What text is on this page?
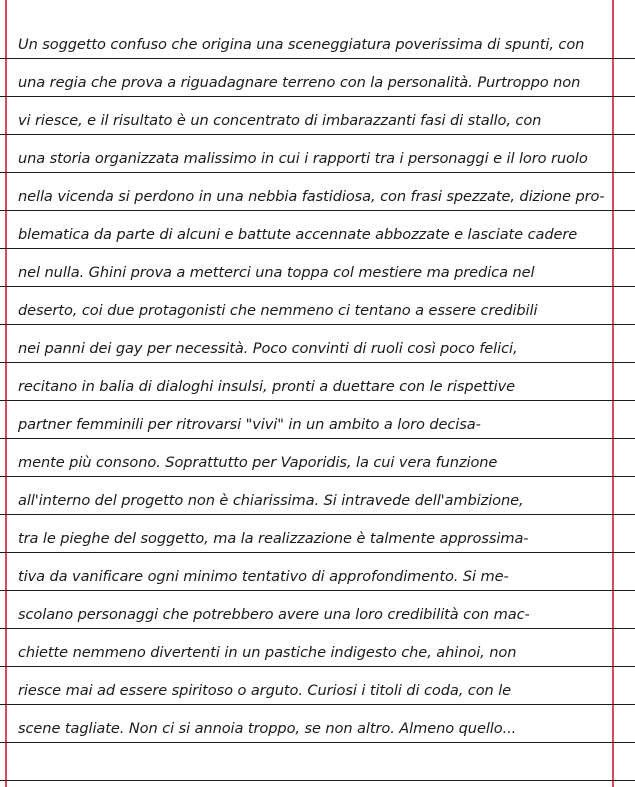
Un soggetto confuso che origina una sceneggiatura poverissima di spunti, con
una regia che prova a riguadagnare terreno con la personalità. Purtroppo non
vi riesce, e il risultato è un concentrato di imbarazzanti fasi di stallo, con
una storia organizzata malissimo in cui i rapporti tra i personaggi e il loro ruolo
nella vicenda si perdono in una nebbia fastidiosa, con frasi spezzate, dizione pro-
blematica da parte di alcuni e battute accennate abbozzate e lasciate cadere
nel nulla. Ghini prova a metterci una toppa col mestiere ma predica nel
deserto, coi due protagonisti che nemmeno ci tentano a essere credibili
nei panni dei gay per necessità. Poco convinti di ruoli così poco felici,
recitano in balia di dialoghi insulsi, pronti a duettare con le rispettive
partner femminili per ritrovarsi "vivi" in un ambito a loro decisa-
mente più consono. Soprattutto per Vaporidis, la cui vera funzione
all'interno del progetto non è chiarissima. Si intravede dell'ambizione,
tra le pieghe del soggetto, ma la realizzazione è talmente approssima-
tiva da vanificare ogni minimo tentativo di approfondimento. Si me-
scolano personaggi che potrebbero avere una loro credibilità con mac-
chiette nemmeno divertenti in un pastiche indigesto che, ahinoi, non
riesce mai ad essere spiritoso o arguto. Curiosi i titoli di coda, con le
scene tagliate. Non ci si annoia troppo, se non altro. Almeno quello...
